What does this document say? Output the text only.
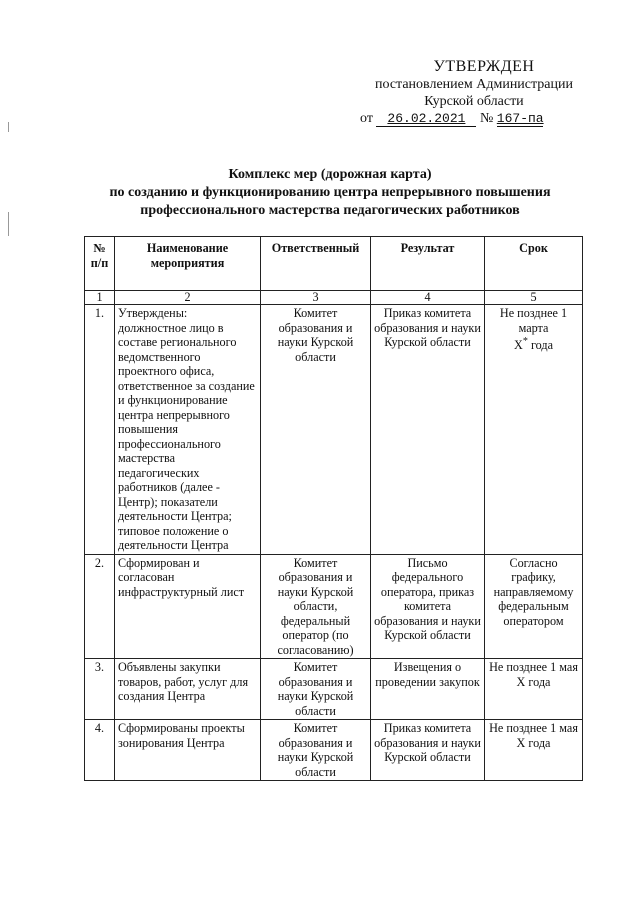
УТВЕРЖДЕН
постановлением Администрации
Курской области
от 26.02.2021 № 167-па
Комплекс мер (дорожная карта)
по созданию и функционированию центра непрерывного повышения
профессионального мастерства педагогических работников
№ п/п	Наименование мероприятия	Ответственный	Результат	Срок
1	2	3	4	5
1.	Утверждены: должностное лицо в составе регионального ведомственного проектного офиса, ответственное за создание и функционирование центра непрерывного повышения профессионального мастерства педагогических работников (далее - Центр); показатели деятельности Центра; типовое положение о деятельности Центра	Комитет образования и науки Курской области	Приказ комитета образования и науки Курской области	Не позднее 1 марта
X* года
2.	Сформирован и согласован инфраструктурный лист	Комитет образования и науки Курской области, федеральный оператор (по согласованию)	Письмо федерального оператора, приказ комитета образования и науки Курской области	Согласно графику, направляемому федеральным оператором
3.	Объявлены закупки товаров, работ, услуг для создания Центра	Комитет образования и науки Курской области	Извещения о проведении закупок	Не позднее 1 мая X года
4.	Сформированы проекты зонирования Центра	Комитет образования и науки Курской области	Приказ комитета образования и науки Курской области	Не позднее 1 мая X года
